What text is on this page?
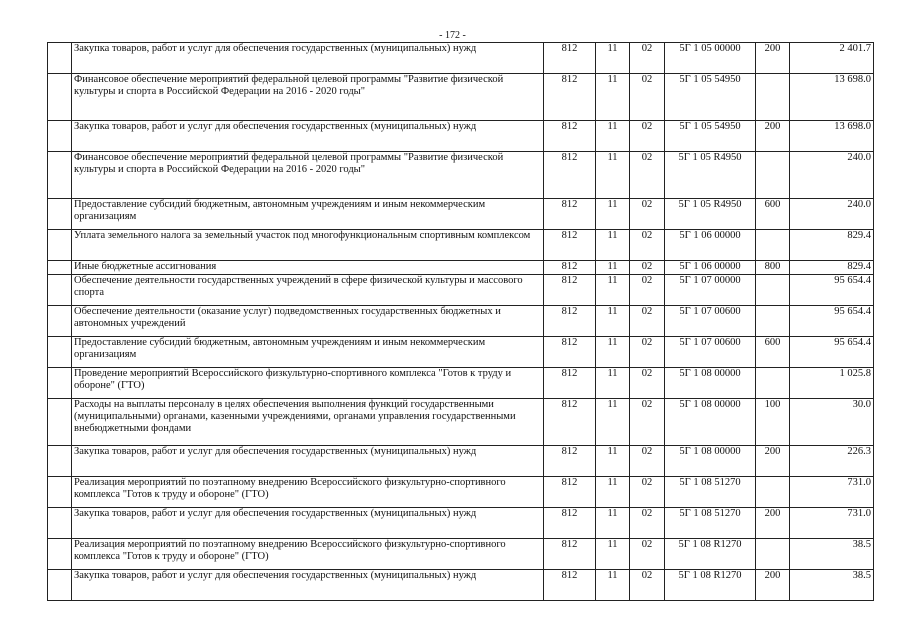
- 172 -
	Закупка товаров, работ и услуг для обеспечения государственных (муниципальных) нужд	812	11	02	5Г 1 05 00000	200	2 401.7
	Финансовое обеспечение мероприятий федеральной целевой программы "Развитие физической культуры и спорта в Российской Федерации на 2016 - 2020 годы"	812	11	02	5Г 1 05 54950		13 698.0
	Закупка товаров, работ и услуг для обеспечения государственных (муниципальных) нужд	812	11	02	5Г 1 05 54950	200	13 698.0
	Финансовое обеспечение мероприятий федеральной целевой программы "Развитие физической культуры и спорта в Российской Федерации на 2016 - 2020 годы"	812	11	02	5Г 1 05 R4950		240.0
	Предоставление субсидий бюджетным, автономным учреждениям и иным некоммерческим организациям	812	11	02	5Г 1 05 R4950	600	240.0
	Уплата земельного налога за земельный участок под многофункциональным спортивным комплексом	812	11	02	5Г 1 06 00000		829.4
	Иные бюджетные ассигнования	812	11	02	5Г 1 06 00000	800	829.4
	Обеспечение деятельности государственных учреждений в сфере физической культуры и массового спорта	812	11	02	5Г 1 07 00000		95 654.4
	Обеспечение деятельности (оказание услуг) подведомственных государственных бюджетных и автономных учреждений	812	11	02	5Г 1 07 00600		95 654.4
	Предоставление субсидий бюджетным, автономным учреждениям и иным некоммерческим организациям	812	11	02	5Г 1 07 00600	600	95 654.4
	Проведение мероприятий Всероссийского физкультурно-спортивного комплекса "Готов к труду и обороне" (ГТО)	812	11	02	5Г 1 08 00000		1 025.8
	Расходы на выплаты персоналу в целях обеспечения выполнения функций государственными (муниципальными) органами, казенными учреждениями, органами управления государственными внебюджетными фондами	812	11	02	5Г 1 08 00000	100	30.0
	Закупка товаров, работ и услуг для обеспечения государственных (муниципальных) нужд	812	11	02	5Г 1 08 00000	200	226.3
	Реализация мероприятий по поэтапному внедрению Всероссийского физкультурно-спортивного комплекса "Готов к труду и обороне" (ГТО)	812	11	02	5Г 1 08 51270		731.0
	Закупка товаров, работ и услуг для обеспечения государственных (муниципальных) нужд	812	11	02	5Г 1 08 51270	200	731.0
	Реализация мероприятий по поэтапному внедрению Всероссийского физкультурно-спортивного комплекса "Готов к труду и обороне" (ГТО)	812	11	02	5Г 1 08 R1270		38.5
	Закупка товаров, работ и услуг для обеспечения государственных (муниципальных) нужд	812	11	02	5Г 1 08 R1270	200	38.5
